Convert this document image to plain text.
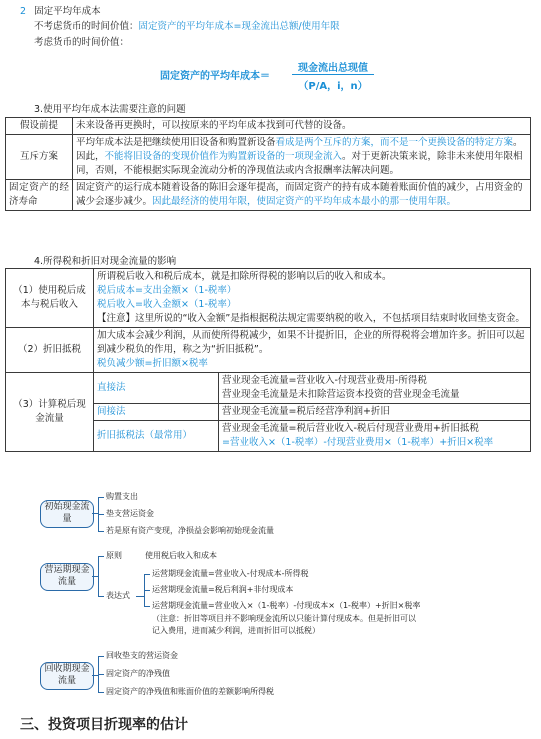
2 固定平均年成本
不考虑货币的时间价值：固定资产的平均年成本=现金流出总额/使用年限
考虑货币的时间价值：
固定资产的平均年成本＝
现金流出总现值
（P/A，i，n）
3.使用平均年成本法需要注意的问题
假设前提	未来设备再更换时，可以按原来的平均年成本找到可代替的设备。
互斥方案	平均年成本法是把继续使用旧设备和购置新设备看成是两个互斥的方案，而不是一个更换设备的特定方案。因此，不能将旧设备的变现价值作为购置新设备的一项现金流入。对于更新决策来说，除非未来使用年限相同，否则，不能根据实际现金流动分析的净现值法或内含报酬率法解决问题。
固定资产的经济寿命	固定资产的运行成本随着设备的陈旧会逐年提高，而固定资产的持有成本随着账面价值的减少，占用资金的减少会逐步减少。因此最经济的使用年限，使固定资产的平均年成本最小的那一使用年限。
4.所得税和折旧对现金流量的影响
（1）使用税后成本与税后收入	所谓税后收入和税后成本，就是扣除所得税的影响以后的收入和成本。
税后成本=支出金额×（1-税率）
税后收入=收入金额×（1-税率）
【注意】这里所说的“收入金额”是指根据税法规定需要纳税的收入，不包括项目结束时收回垫支资金。	

（2）折旧抵税	加大成本会减少利润，从而使所得税减少，如果不计提折旧，企业的所得税将会增加许多。折旧可以起到减少税负的作用，称之为“折旧抵税”。
税负减少额=折旧额×税率	

（3）计算税后现金流量	直接法	营业现金毛流量=营业收入-付现营业费用-所得税
营业现金毛流量是未扣除营运资本投资的营业现金毛流量

	间接法	营业现金毛流量=税后经营净利润+折旧

	折旧抵税法（最常用）	营业现金毛流量=税后营业收入-税后付现营业费用+折旧抵税
=营业收入×（1-税率）-付现营业费用×（1-税率）+折旧×税率
初始现金流量
购置支出
垫支营运资金
若是原有资产变现，净损益会影响初始现金流量
营运期现金流量
原则	使用税后收入和成本
表达式
运营期现金流量=营业收入-付现成本-所得税
运营期现金流量=税后利润+非付现成本
运营期现金流量=营业收入×（1-税率）-付现成本×（1-税率）+折旧×税率
（注意：折旧等项目并不影响现金流所以只能计算付现成本。但是折旧可以
记入费用，进而减少利润，进而折旧可以抵税）
回收期现金流量
回收垫支的营运资金
固定资产的净残值
固定资产的净残值和账面价值的差额影响所得税
三、投资项目折现率的估计
